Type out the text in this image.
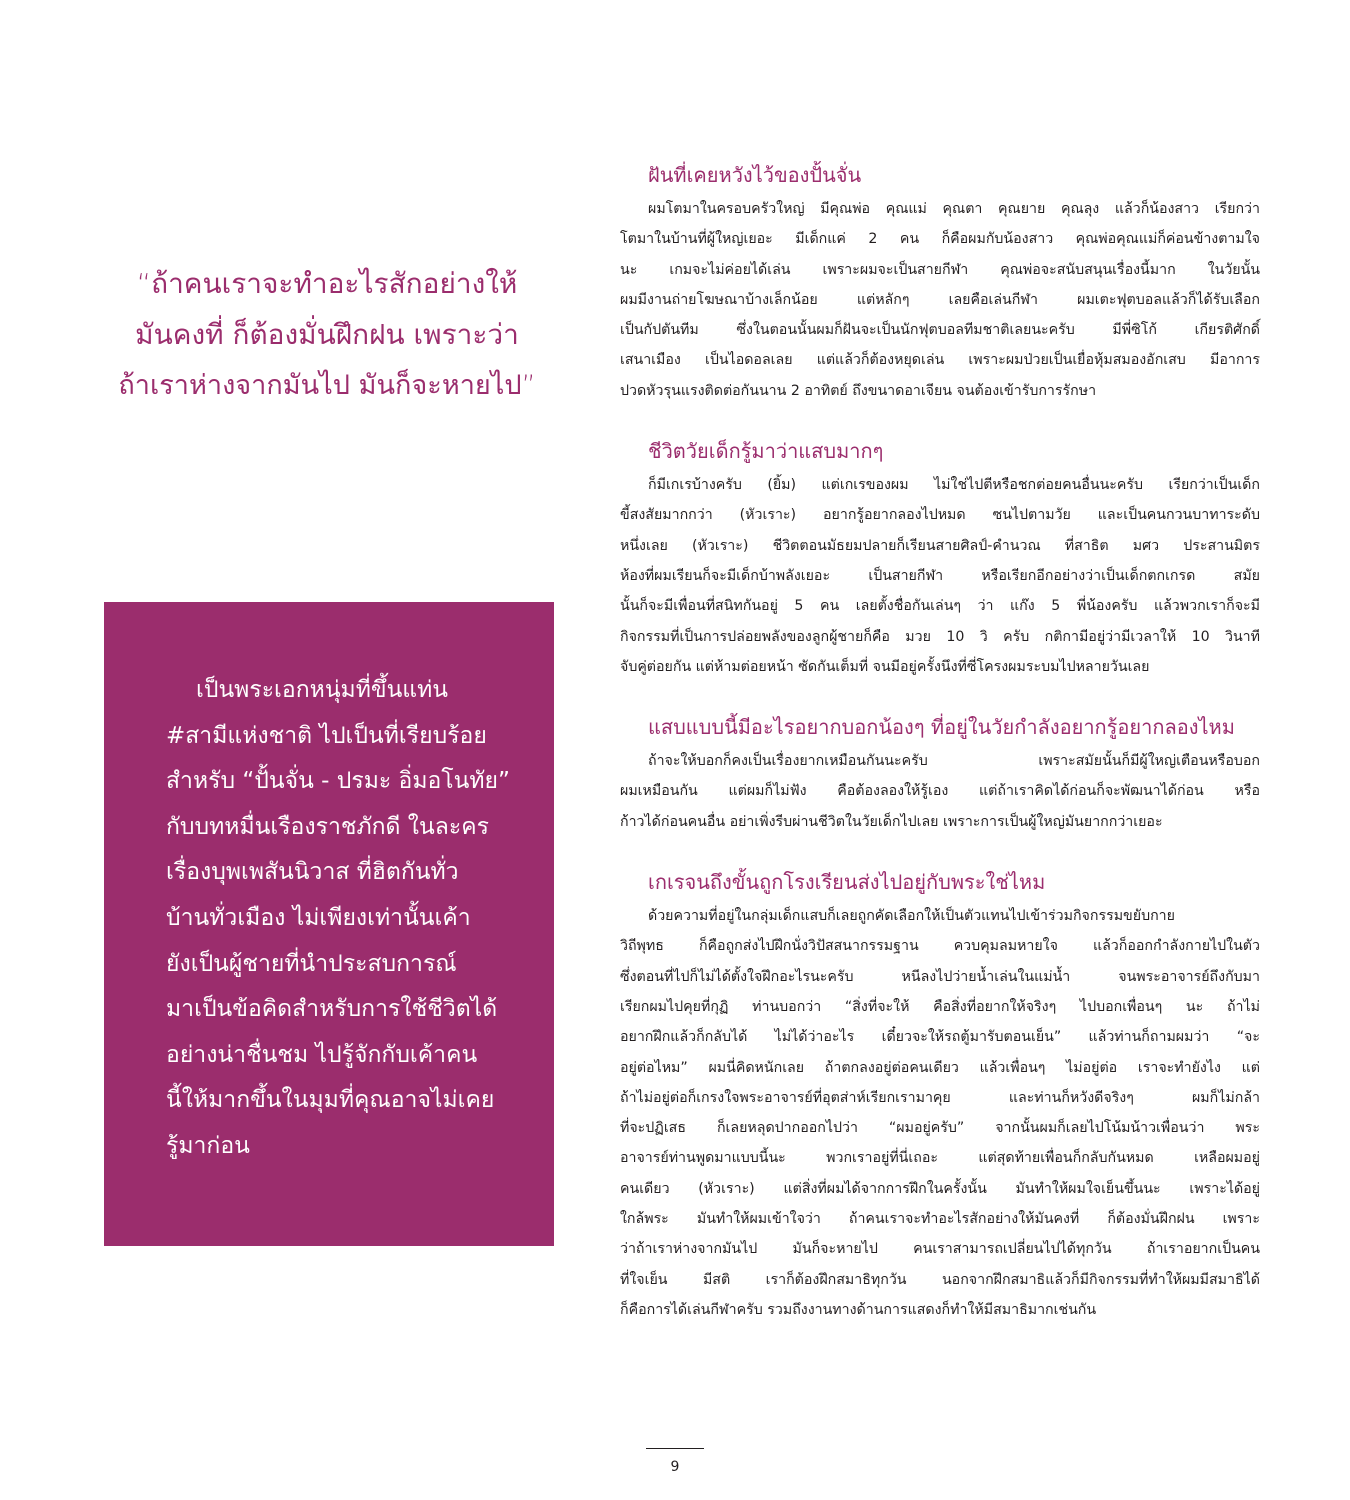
“ถ้าคนเราจะทำอะไรสักอย่างให้

มันคงที่ ก็ต้องมั่นฝึกฝน เพราะว่า

ถ้าเราห่างจากมันไป มันก็จะหายไป”

เป็นพระเอกหนุ่มที่ขึ้นแท่น

#สามีแห่งชาติ ไปเป็นที่เรียบร้อย

สำหรับ “ปั้นจั่น - ปรมะ อิ่มอโนทัย”

กับบทหมื่นเรืองราชภักดี ในละคร

เรื่องบุพเพสันนิวาส ที่ฮิตกันทั่ว

บ้านทั่วเมือง ไม่เพียงเท่านั้นเค้า

ยังเป็นผู้ชายที่นำประสบการณ์

มาเป็นข้อคิดสำหรับการใช้ชีวิตได้

อย่างน่าชื่นชม ไปรู้จักกับเค้าคน

นี้ให้มากขึ้นในมุมที่คุณอาจไม่เคย

รู้มาก่อน

ฝันที่เคยหวังไว้ของปั้นจั่น

ผมโตมาในครอบครัวใหญ่ มีคุณพ่อ คุณแม่ คุณตา คุณยาย คุณลุง แล้วก็น้องสาว เรียกว่า

โตมาในบ้านที่ผู้ใหญ่เยอะ มีเด็กแค่ 2 คน ก็คือผมกับน้องสาว คุณพ่อคุณแม่ก็ค่อนข้างตามใจ

นะ เกมจะไม่ค่อยได้เล่น เพราะผมจะเป็นสายกีฬา คุณพ่อจะสนับสนุนเรื่องนี้มาก ในวัยนั้น

ผมมีงานถ่ายโฆษณาบ้างเล็กน้อย แต่หลักๆ เลยคือเล่นกีฬา ผมเตะฟุตบอลแล้วก็ได้รับเลือก

เป็นกัปตันทีม ซึ่งในตอนนั้นผมก็ฝันจะเป็นนักฟุตบอลทีมชาติเลยนะครับ มีพี่ซิโก้ เกียรติศักดิ์

เสนาเมือง เป็นไอดอลเลย แต่แล้วก็ต้องหยุดเล่น เพราะผมป่วยเป็นเยื่อหุ้มสมองอักเสบ มีอาการ

ปวดหัวรุนแรงติดต่อกันนาน 2 อาทิตย์ ถึงขนาดอาเจียน จนต้องเข้ารับการรักษา

ชีวิตวัยเด็กรู้มาว่าแสบมากๆ

ก็มีเกเรบ้างครับ (ยิ้ม) แต่เกเรของผม ไม่ใช่ไปตีหรือชกต่อยคนอื่นนะครับ เรียกว่าเป็นเด็ก

ขี้สงสัยมากกว่า (หัวเราะ) อยากรู้อยากลองไปหมด ซนไปตามวัย และเป็นคนกวนบาทาระดับ

หนึ่งเลย (หัวเราะ) ชีวิตตอนมัธยมปลายก็เรียนสายศิลป์-คำนวณ ที่สาธิต มศว ประสานมิตร

ห้องที่ผมเรียนก็จะมีเด็กบ้าพลังเยอะ เป็นสายกีฬา หรือเรียกอีกอย่างว่าเป็นเด็กตกเกรด สมัย

นั้นก็จะมีเพื่อนที่สนิทกันอยู่ 5 คน เลยตั้งชื่อกันเล่นๆ ว่า แก๊ง 5 พี่น้องครับ แล้วพวกเราก็จะมี

กิจกรรมที่เป็นการปล่อยพลังของลูกผู้ชายก็คือ มวย 10 วิ ครับ กติกามีอยู่ว่ามีเวลาให้ 10 วินาที

จับคู่ต่อยกัน แต่ห้ามต่อยหน้า ซัดกันเต็มที่ จนมีอยู่ครั้งนึงที่ซี่โครงผมระบมไปหลายวันเลย

แสบแบบนี้มีอะไรอยากบอกน้องๆ ที่อยู่ในวัยกำลังอยากรู้อยากลองไหม

ถ้าจะให้บอกก็คงเป็นเรื่องยากเหมือนกันนะครับ เพราะสมัยนั้นก็มีผู้ใหญ่เตือนหรือบอก

ผมเหมือนกัน แต่ผมก็ไม่ฟัง คือต้องลองให้รู้เอง แต่ถ้าเราคิดได้ก่อนก็จะพัฒนาได้ก่อน หรือ

ก้าวได้ก่อนคนอื่น อย่าเพิ่งรีบผ่านชีวิตในวัยเด็กไปเลย เพราะการเป็นผู้ใหญ่มันยากกว่าเยอะ

เกเรจนถึงขั้นถูกโรงเรียนส่งไปอยู่กับพระใช่ไหม

ด้วยความที่อยู่ในกลุ่มเด็กแสบก็เลยถูกคัดเลือกให้เป็นตัวแทนไปเข้าร่วมกิจกรรมขยับกาย

วิถีพุทธ ก็คือถูกส่งไปฝึกนั่งวิปัสสนากรรมฐาน ควบคุมลมหายใจ แล้วก็ออกกำลังกายไปในตัว

ซึ่งตอนที่ไปก็ไม่ได้ตั้งใจฝึกอะไรนะครับ หนีลงไปว่ายน้ำเล่นในแม่น้ำ จนพระอาจารย์ถึงกับมา

เรียกผมไปคุยที่กุฏิ ท่านบอกว่า “สิ่งที่จะให้ คือสิ่งที่อยากให้จริงๆ ไปบอกเพื่อนๆ นะ ถ้าไม่

อยากฝึกแล้วก็กลับได้ ไม่ได้ว่าอะไร เดี๋ยวจะให้รถตู้มารับตอนเย็น” แล้วท่านก็ถามผมว่า “จะ

อยู่ต่อไหม” ผมนี่คิดหนักเลย ถ้าตกลงอยู่ต่อคนเดียว แล้วเพื่อนๆ ไม่อยู่ต่อ เราจะทำยังไง แต่

ถ้าไม่อยู่ต่อก็เกรงใจพระอาจารย์ที่อุตส่าห์เรียกเรามาคุย และท่านก็หวังดีจริงๆ ผมก็ไม่กล้า

ที่จะปฏิเสธ ก็เลยหลุดปากออกไปว่า “ผมอยู่ครับ” จากนั้นผมก็เลยไปโน้มน้าวเพื่อนว่า พระ

อาจารย์ท่านพูดมาแบบนี้นะ พวกเราอยู่ที่นี่เถอะ แต่สุดท้ายเพื่อนก็กลับกันหมด เหลือผมอยู่

คนเดียว (หัวเราะ) แต่สิ่งที่ผมได้จากการฝึกในครั้งนั้น มันทำให้ผมใจเย็นขึ้นนะ เพราะได้อยู่

ใกล้พระ มันทำให้ผมเข้าใจว่า ถ้าคนเราจะทำอะไรสักอย่างให้มันคงที่ ก็ต้องมั่นฝึกฝน เพราะ

ว่าถ้าเราห่างจากมันไป มันก็จะหายไป คนเราสามารถเปลี่ยนไปได้ทุกวัน ถ้าเราอยากเป็นคน

ที่ใจเย็น มีสติ เราก็ต้องฝึกสมาธิทุกวัน นอกจากฝึกสมาธิแล้วก็มีกิจกรรมที่ทำให้ผมมีสมาธิได้

ก็คือการได้เล่นกีฬาครับ รวมถึงงานทางด้านการแสดงก็ทำให้มีสมาธิมากเช่นกัน

9
